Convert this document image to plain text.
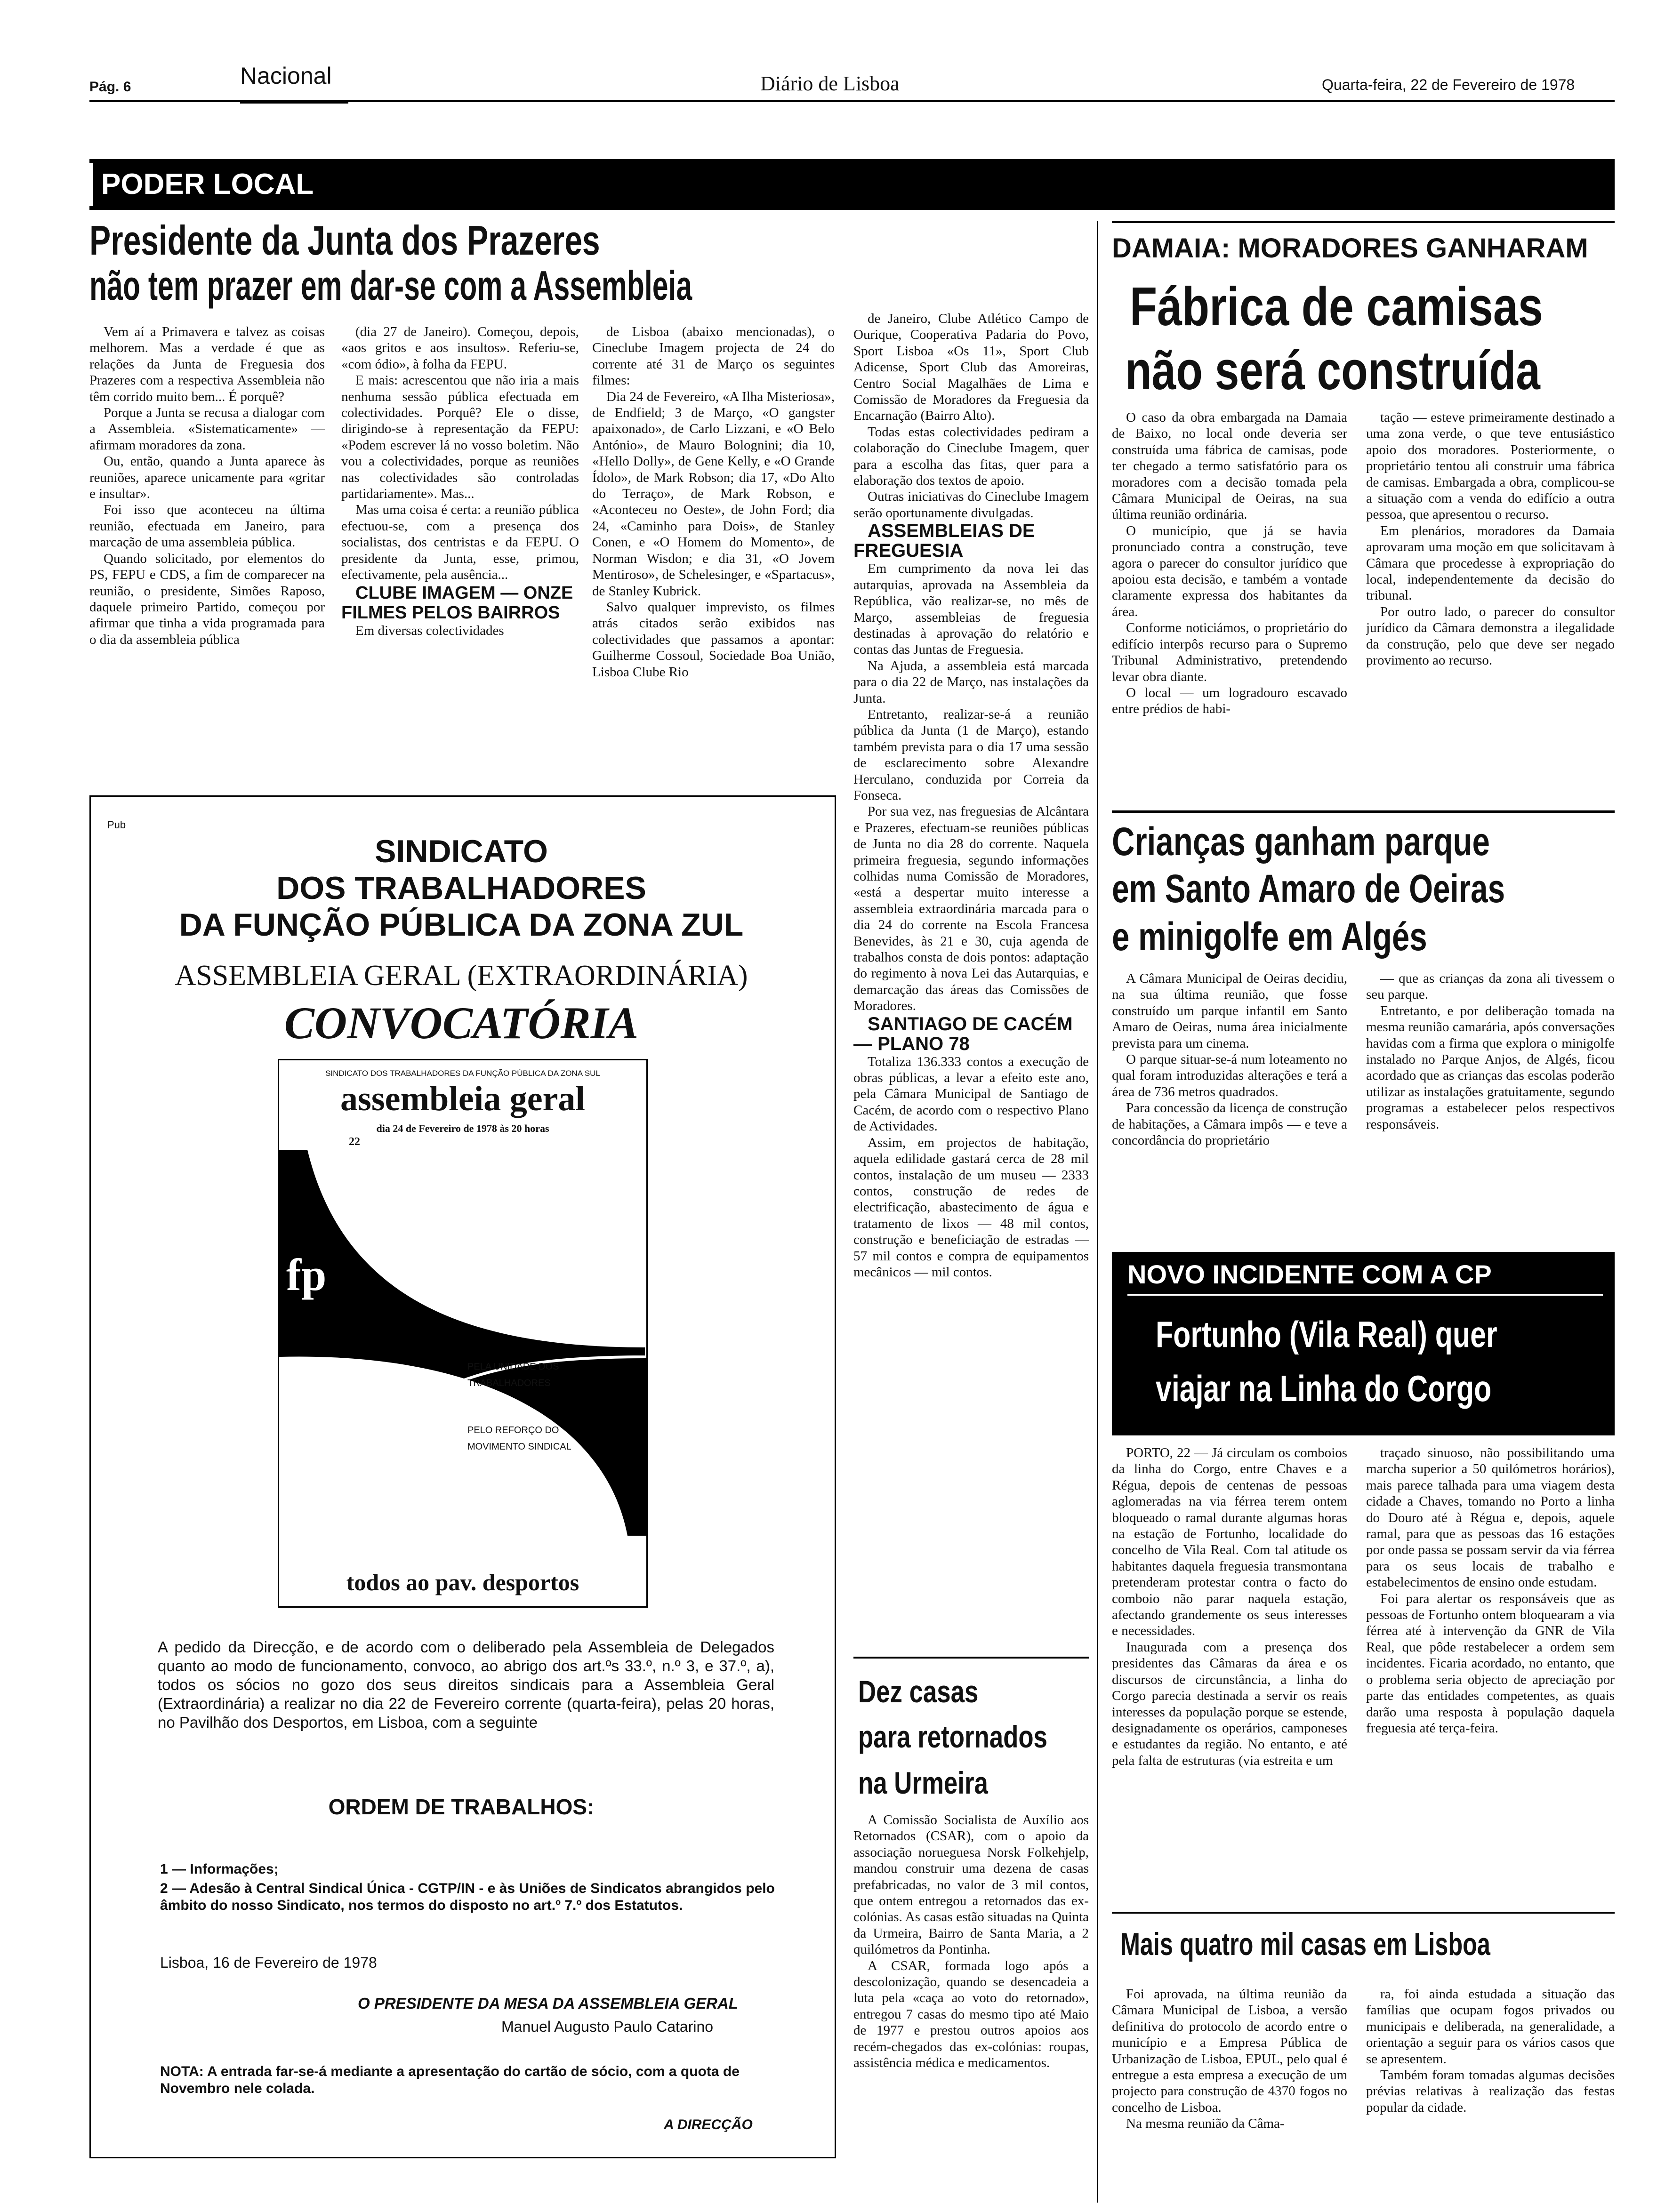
Pág. 6	Nacional	Diário de Lisboa	Quarta-feira, 22 de Fevereiro de 1978
PODER LOCAL
Presidente da Junta dos Prazeres
não tem prazer em dar-se com a Assembleia

Vem aí a Primavera e talvez as coisas melhorem. Mas a verdade é que as relações da Junta de Freguesia dos Prazeres com a respectiva Assembleia não têm corrido muito bem... É porquê?

Porque a Junta se recusa a dialogar com a Assembleia. «Sistematicamente» — afirmam moradores da zona.

Ou, então, quando a Junta aparece às reuniões, aparece unicamente para «gritar e insultar».

Foi isso que aconteceu na última reunião, efectuada em Janeiro, para marcação de uma assembleia pública.

Quando solicitado, por elementos do PS, FEPU e CDS, a fim de comparecer na reunião, o presidente, Simões Raposo, daquele primeiro Partido, começou por afirmar que tinha a vida programada para o dia da assembleia pública

(dia 27 de Janeiro). Começou, depois, «aos gritos e aos insultos». Referiu-se, «com ódio», à folha da FEPU.

E mais: acrescentou que não iria a mais nenhuma sessão pública efectuada em colectividades. Porquê? Ele o disse, dirigindo-se à representação da FEPU: «Podem escrever lá no vosso boletim. Não vou a colectividades, porque as reuniões nas colectividades são controladas partidariamente». Mas...

Mas uma coisa é certa: a reunião pública efectuou-se, com a presença dos socialistas, dos centristas e da FEPU. O presidente da Junta, esse, primou, efectivamente, pela ausência...

CLUBE IMAGEM — ONZE FILMES PELOS BAIRROS

Em diversas colectividades

de Lisboa (abaixo mencionadas), o Cineclube Imagem projecta de 24 do corrente até 31 de Março os seguintes filmes:

Dia 24 de Fevereiro, «A Ilha Misteriosa», de Endfield; 3 de Março, «O gangster apaixonado», de Carlo Lizzani, e «O Belo António», de Mauro Bolognini; dia 10, «Hello Dolly», de Gene Kelly, e «O Grande Ídolo», de Mark Robson; dia 17, «Do Alto do Terraço», de Mark Robson, e «Aconteceu no Oeste», de John Ford; dia 24, «Caminho para Dois», de Stanley Conen, e «O Homem do Momento», de Norman Wisdon; e dia 31, «O Jovem Mentiroso», de Schelesinger, e «Spartacus», de Stanley Kubrick.

Salvo qualquer imprevisto, os filmes atrás citados serão exibidos nas colectividades que passamos a apontar: Guilherme Cossoul, Sociedade Boa União, Lisboa Clube Rio

de Janeiro, Clube Atlético Campo de Ourique, Cooperativa Padaria do Povo, Sport Lisboa «Os 11», Sport Club Adicense, Sport Club das Amoreiras, Centro Social Magalhães de Lima e Comissão de Moradores da Freguesia da Encarnação (Bairro Alto).

Todas estas colectividades pediram a colaboração do Cineclube Imagem, quer para a escolha das fitas, quer para a elaboração dos textos de apoio.

Outras iniciativas do Cineclube Imagem serão oportunamente divulgadas.

ASSEMBLEIAS DE FREGUESIA

Em cumprimento da nova lei das autarquias, aprovada na Assembleia da República, vão realizar-se, no mês de Março, assembleias de freguesia destinadas à aprovação do relatório e contas das Juntas de Freguesia.

Na Ajuda, a assembleia está marcada para o dia 22 de Março, nas instalações da Junta.

Entretanto, realizar-se-á a reunião pública da Junta (1 de Março), estando também prevista para o dia 17 uma sessão de esclarecimento sobre Alexandre Herculano, conduzida por Correia da Fonseca.

Por sua vez, nas freguesias de Alcântara e Prazeres, efectuam-se reuniões públicas de Junta no dia 28 do corrente. Naquela primeira freguesia, segundo informações colhidas numa Comissão de Moradores, «está a despertar muito interesse a assembleia extraordinária marcada para o dia 24 do corrente na Escola Francesa Benevides, às 21 e 30, cuja agenda de trabalhos consta de dois pontos: adaptação do regimento à nova Lei das Autarquias, e demarcação das áreas das Comissões de Moradores.

SANTIAGO DE CACÉM — PLANO 78

Totaliza 136.333 contos a execução de obras públicas, a levar a efeito este ano, pela Câmara Municipal de Santiago de Cacém, de acordo com o respectivo Plano de Actividades.

Assim, em projectos de habitação, aquela edilidade gastará cerca de 28 mil contos, instalação de um museu — 2333 contos, construção de redes de electrificação, abastecimento de água e tratamento de lixos — 48 mil contos, construção e beneficiação de estradas — 57 mil contos e compra de equipamentos mecânicos — mil contos.

Pub
SINDICATO
DOS TRABALHADORES
DA FUNÇÃO PÚBLICA DA ZONA ZUL
ASSEMBLEIA GERAL (EXTRAORDINÁRIA)
CONVOCATÓRIA
SINDICATO DOS TRABALHADORES DA FUNÇÃO PÚBLICA DA ZONA SUL
assembleia geral
dia 24 de Fevereiro de 1978 às 20 horas
22
fp
PELA UNIDADE DOS
TRABALHADORES
PELO REFORÇO DO
MOVIMENTO SINDICAL
todos ao pav. desportos
A pedido da Direcção, e de acordo com o deliberado pela Assembleia de Delegados quanto ao modo de funcionamento, convoco, ao abrigo dos art.ºs 33.º, n.º 3, e 37.º, a), todos os sócios no gozo dos seus direitos sindicais para a Assembleia Geral (Extraordinária) a realizar no dia 22 de Fevereiro corrente (quarta-feira), pelas 20 horas, no Pavilhão dos Desportos, em Lisboa, com a seguinte
ORDEM DE TRABALHOS:
1 — Informações;
2 — Adesão à Central Sindical Única - CGTP/IN - e às Uniões de Sindicatos abrangidos pelo âmbito do nosso Sindicato, nos termos do disposto no art.º 7.º dos Estatutos.
Lisboa, 16 de Fevereiro de 1978
O PRESIDENTE DA MESA DA ASSEMBLEIA GERAL
Manuel Augusto Paulo Catarino
NOTA: A entrada far-se-á mediante a apresentação do cartão de sócio, com a quota de Novembro nele colada.
A DIRECÇÃO
DAMAIA: MORADORES GANHARAM
Fábrica de camisas
não será construída

O caso da obra embargada na Damaia de Baixo, no local onde deveria ser construída uma fábrica de camisas, pode ter chegado a termo satisfatório para os moradores com a decisão tomada pela Câmara Municipal de Oeiras, na sua última reunião ordinária.

O município, que já se havia pronunciado contra a construção, teve agora o parecer do consultor jurídico que apoiou esta decisão, e também a vontade claramente expressa dos habitantes da área.

Conforme noticiámos, o proprietário do edifício interpôs recurso para o Supremo Tribunal Administrativo, pretendendo levar obra diante.

O local — um logradouro escavado entre prédios de habi-

tação — esteve primeiramente destinado a uma zona verde, o que teve entusiástico apoio dos moradores. Posteriormente, o proprietário tentou ali construir uma fábrica de camisas. Embargada a obra, complicou-se a situação com a venda do edifício a outra pessoa, que apresentou o recurso.

Em plenários, moradores da Damaia aprovaram uma moção em que solicitavam à Câmara que procedesse à expropriação do local, independentemente da decisão do tribunal.

Por outro lado, o parecer do consultor jurídico da Câmara demonstra a ilegalidade da construção, pelo que deve ser negado provimento ao recurso.

Crianças ganham parque
em Santo Amaro de Oeiras
e minigolfe em Algés

A Câmara Municipal de Oeiras decidiu, na sua última reunião, que fosse construído um parque infantil em Santo Amaro de Oeiras, numa área inicialmente prevista para um cinema.

O parque situar-se-á num loteamento no qual foram introduzidas alterações e terá a área de 736 metros quadrados.

Para concessão da licença de construção de habitações, a Câmara impôs — e teve a concordância do proprietário

— que as crianças da zona ali tivessem o seu parque.

Entretanto, e por deliberação tomada na mesma reunião camarária, após conversações havidas com a firma que explora o minigolfe instalado no Parque Anjos, de Algés, ficou acordado que as crianças das escolas poderão utilizar as instalações gratuitamente, segundo programas a estabelecer pelos respectivos responsáveis.

NOVO INCIDENTE COM A CP
Fortunho (Vila Real) quer
viajar na Linha do Corgo

PORTO, 22 — Já circulam os comboios da linha do Corgo, entre Chaves e a Régua, depois de centenas de pessoas aglomeradas na via férrea terem ontem bloqueado o ramal durante algumas horas na estação de Fortunho, localidade do concelho de Vila Real. Com tal atitude os habitantes daquela freguesia transmontana pretenderam protestar contra o facto do comboio não parar naquela estação, afectando grandemente os seus interesses e necessidades.

Inaugurada com a presença dos presidentes das Câmaras da área e os discursos de circunstância, a linha do Corgo parecia destinada a servir os reais interesses da população porque se estende, designadamente os operários, camponeses e estudantes da região. No entanto, e até pela falta de estruturas (via estreita e um

traçado sinuoso, não possibilitando uma marcha superior a 50 quilómetros horários), mais parece talhada para uma viagem desta cidade a Chaves, tomando no Porto a linha do Douro até à Régua e, depois, aquele ramal, para que as pessoas das 16 estações por onde passa se possam servir da via férrea para os seus locais de trabalho e estabelecimentos de ensino onde estudam.

Foi para alertar os responsáveis que as pessoas de Fortunho ontem bloquearam a via férrea até à intervenção da GNR de Vila Real, que pôde restabelecer a ordem sem incidentes. Ficaria acordado, no entanto, que o problema seria objecto de apreciação por parte das entidades competentes, as quais darão uma resposta à população daquela freguesia até terça-feira.

Dez casas
para retornados
na Urmeira

A Comissão Socialista de Auxílio aos Retornados (CSAR), com o apoio da associação norueguesa Norsk Folkehjelp, mandou construir uma dezena de casas prefabricadas, no valor de 3 mil contos, que ontem entregou a retornados das ex-colónias. As casas estão situadas na Quinta da Urmeira, Bairro de Santa Maria, a 2 quilómetros da Pontinha.

A CSAR, formada logo após a descolonização, quando se desencadeia a luta pela «caça ao voto do retornado», entregou 7 casas do mesmo tipo até Maio de 1977 e prestou outros apoios aos recém-chegados das ex-colónias: roupas, assistência médica e medicamentos.

Mais quatro mil casas em Lisboa

Foi aprovada, na última reunião da Câmara Municipal de Lisboa, a versão definitiva do protocolo de acordo entre o município e a Empresa Pública de Urbanização de Lisboa, EPUL, pelo qual é entregue a esta empresa a execução de um projecto para construção de 4370 fogos no concelho de Lisboa.

Na mesma reunião da Câma-

ra, foi ainda estudada a situação das famílias que ocupam fogos privados ou municipais e deliberada, na generalidade, a orientação a seguir para os vários casos que se apresentem.

Também foram tomadas algumas decisões prévias relativas à realização das festas popular da cidade.
